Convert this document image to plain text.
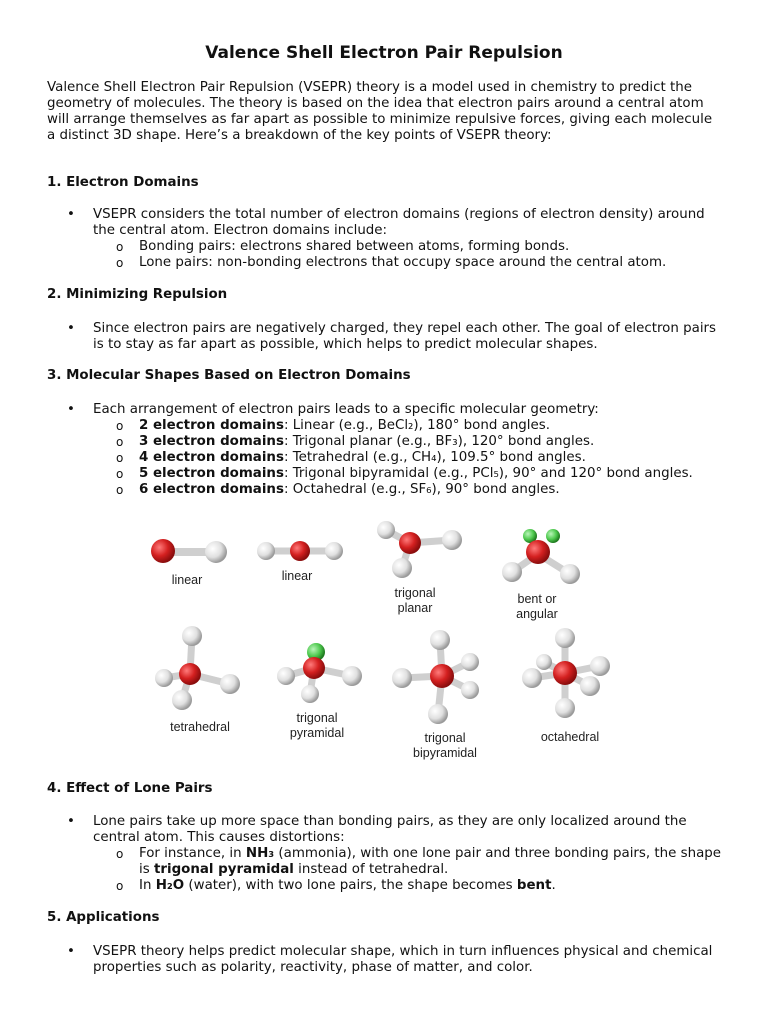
Valence Shell Electron Pair Repulsion

Valence Shell Electron Pair Repulsion (VSEPR) theory is a model used in chemistry to predict the geometry of molecules. The theory is based on the idea that electron pairs around a central atom will arrange themselves as far apart as possible to minimize repulsive forces, giving each molecule a distinct 3D shape. Here’s a breakdown of the key points of VSEPR theory:

1. Electron Domains
•	VSEPR considers the total number of electron domains (regions of electron density) around the central atom. Electron domains include:
o Bonding pairs: electrons shared between atoms, forming bonds.
o Lone pairs: non-bonding electrons that occupy space around the central atom.
2. Minimizing Repulsion
•	Since electron pairs are negatively charged, they repel each other. The goal of electron pairs is to stay as far apart as possible, which helps to predict molecular shapes.
3. Molecular Shapes Based on Electron Domains
•	Each arrangement of electron pairs leads to a specific molecular geometry:
o 2 electron domains: Linear (e.g., BeCl₂), 180° bond angles.
o 3 electron domains: Trigonal planar (e.g., BF₃), 120° bond angles.
o 4 electron domains: Tetrahedral (e.g., CH₄), 109.5° bond angles.
o 5 electron domains: Trigonal bipyramidal (e.g., PCl₅), 90° and 120° bond angles.
o 6 electron domains: Octahedral (e.g., SF₆), 90° bond angles.
linear	linear
trigonal
planar
bent or
angular
tetrahedral
trigonal
pyramidal	trigonal
bipyramidal
octahedral
4. Effect of Lone Pairs
•	Lone pairs take up more space than bonding pairs, as they are only localized around the central atom. This causes distortions:
o For instance, in NH₃ (ammonia), with one lone pair and three bonding pairs, the shape is trigonal pyramidal instead of tetrahedral.
o In H₂O (water), with two lone pairs, the shape becomes bent.
5. Applications
•	VSEPR theory helps predict molecular shape, which in turn influences physical and chemical properties such as polarity, reactivity, phase of matter, and color.
